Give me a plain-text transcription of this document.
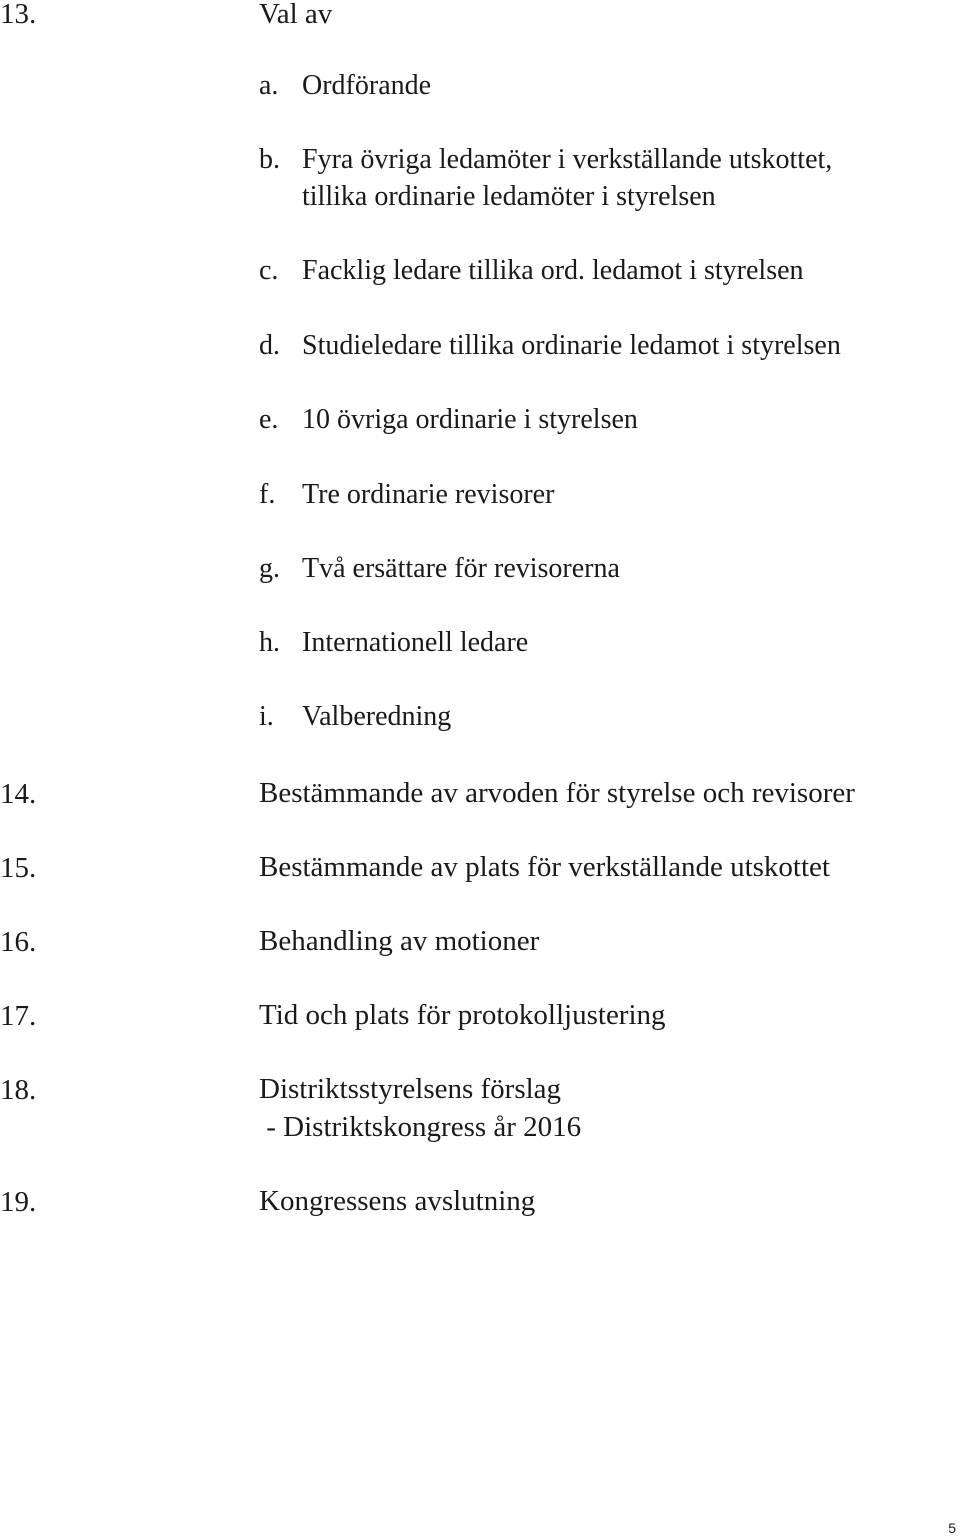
13.	Val av
a. Ordförande
b. Fyra övriga ledamöter i verkställande utskottet,
tillika ordinarie ledamöter i styrelsen
c. Facklig ledare tillika ord. ledamot i styrelsen
d. Studieledare tillika ordinarie ledamot i styrelsen
e. 10 övriga ordinarie i styrelsen
f. Tre ordinarie revisorer
g. Två ersättare för revisorerna
h. Internationell ledare
i. Valberedning
14.	Bestämmande av arvoden för styrelse och revisorer
15.	Bestämmande av plats för verkställande utskottet
16.	Behandling av motioner
17.	Tid och plats för protokolljustering
18.	Distriktsstyrelsens förslag
- Distriktskongress år 2016
19.	Kongressens avslutning
5
